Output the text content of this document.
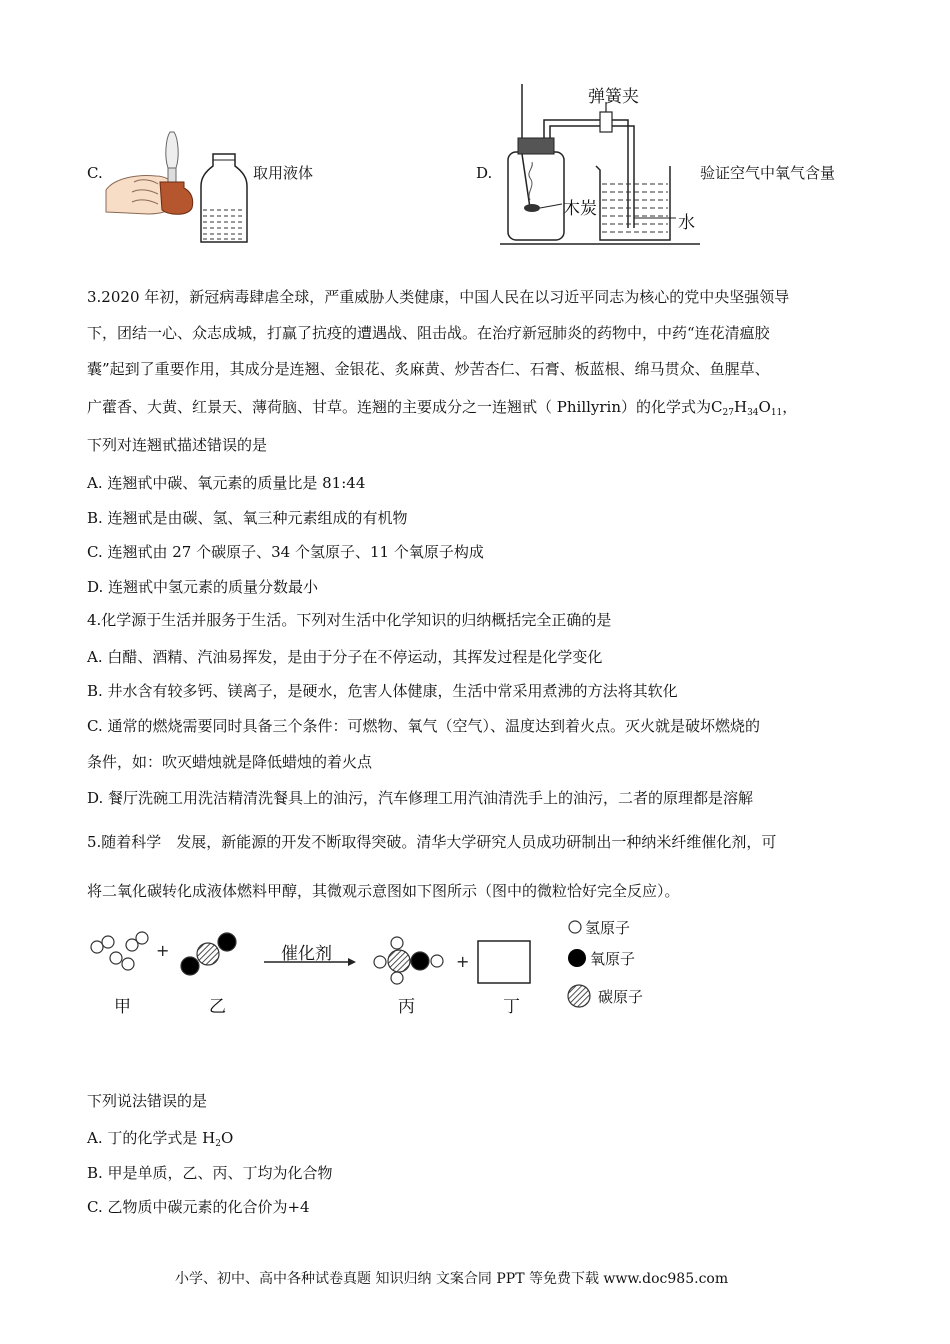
C.	取用液体	D.
弹簧夹
木炭
水
验证空气中氧气含量
3.2020 年初，新冠病毒肆虐全球，严重威胁人类健康，中国人民在以习近平同志为核心的党中央坚强领导
下，团结一心、众志成城，打赢了抗疫的遭遇战、阻击战。在治疗新冠肺炎的药物中，中药“连花清瘟胶
囊”起到了重要作用，其成分是连翘、金银花、炙麻黄、炒苦杏仁、石膏、板蓝根、绵马贯众、鱼腥草、
广藿香、大黄、红景天、薄荷脑、甘草。连翘的主要成分之一连翘甙（ Phillyrin）的化学式为$C_{27}H_{34}O_{11}$，
下列对连翘甙描述错误的是
A. 连翘甙中碳、氧元素的质量比是 81:44
B. 连翘甙是由碳、氢、氧三种元素组成的有机物
C. 连翘甙由 27 个碳原子、34 个氢原子、11 个氧原子构成
D. 连翘甙中氢元素的质量分数最小
4.化学源于生活并服务于生活。下列对生活中化学知识的归纳概括完全正确的是
A. 白醋、酒精、汽油易挥发，是由于分子在不停运动，其挥发过程是化学变化
B. 井水含有较多钙、镁离子，是硬水，危害人体健康，生活中常采用煮沸的方法将其软化
C. 通常的燃烧需要同时具备三个条件：可燃物、氧气（空气）、温度达到着火点。灭火就是破坏燃烧的
条件，如：吹灭蜡烛就是降低蜡烛的着火点
D. 餐厅洗碗工用洗洁精清洗餐具上的油污，汽车修理工用汽油清洗手上的油污，二者的原理都是溶解
5.随着科学　发展，新能源的开发不断取得突破。清华大学研究人员成功研制出一种纳米纤维催化剂，可
将二氧化碳转化成液体燃料甲醇，其微观示意图如下图所示（图中的微粒恰好完全反应）。
+
+
催化剂
甲	乙	丙	丁
氢原子
氧原子
碳原子
下列说法错误的是
A. 丁的化学式是 $H_2O$
B. 甲是单质，乙、丙、丁均为化合物
C. 乙物质中碳元素的化合价为+4
小学、初中、高中各种试卷真题 知识归纳 文案合同 PPT 等免费下载 www.doc985.com
